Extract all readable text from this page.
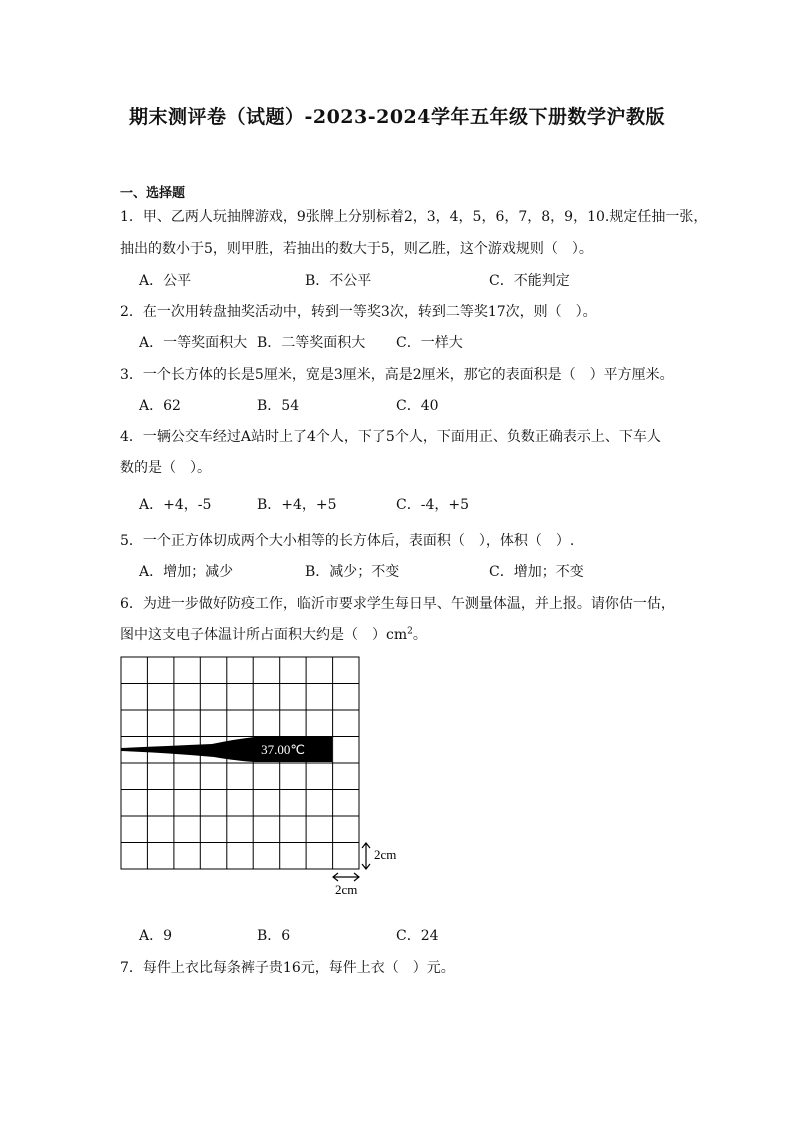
期末测评卷（试题）-2023-2024学年五年级下册数学沪教版
一、选择题
1．甲、乙两人玩抽牌游戏，9张牌上分别标着2，3，4，5，6，7，8，9，10.规定任抽一张，
抽出的数小于5，则甲胜，若抽出的数大于5，则乙胜，这个游戏规则（　）。
A．公平	B．不公平	C．不能判定
2．在一次用转盘抽奖活动中，转到一等奖3次，转到二等奖17次，则（　）。
A．一等奖面积大 B．二等奖面积大 C．一样大
3．一个长方体的长是5厘米，宽是3厘米，高是2厘米，那它的表面积是（　）平方厘米。
A．62	B．54	C．40
4．一辆公交车经过A站时上了4个人，下了5个人，下面用正、负数正确表示上、下车人
数的是（　）。
A．+4，-5	B．+4，+5	C．-4，+5
5．一个正方体切成两个大小相等的长方体后，表面积（　），体积（　）.
A．增加；减少	B．减少；不变	C．增加；不变
6．为进一步做好防疫工作，临沂市要求学生每日早、午测量体温，并上报。请你估一估，
图中这支电子体温计所占面积大约是（　）$cm^2$。
37.00℃
2cm
2cm
A．9	B．6	C．24
7．每件上衣比每条裤子贵16元，每件上衣（　）元。
